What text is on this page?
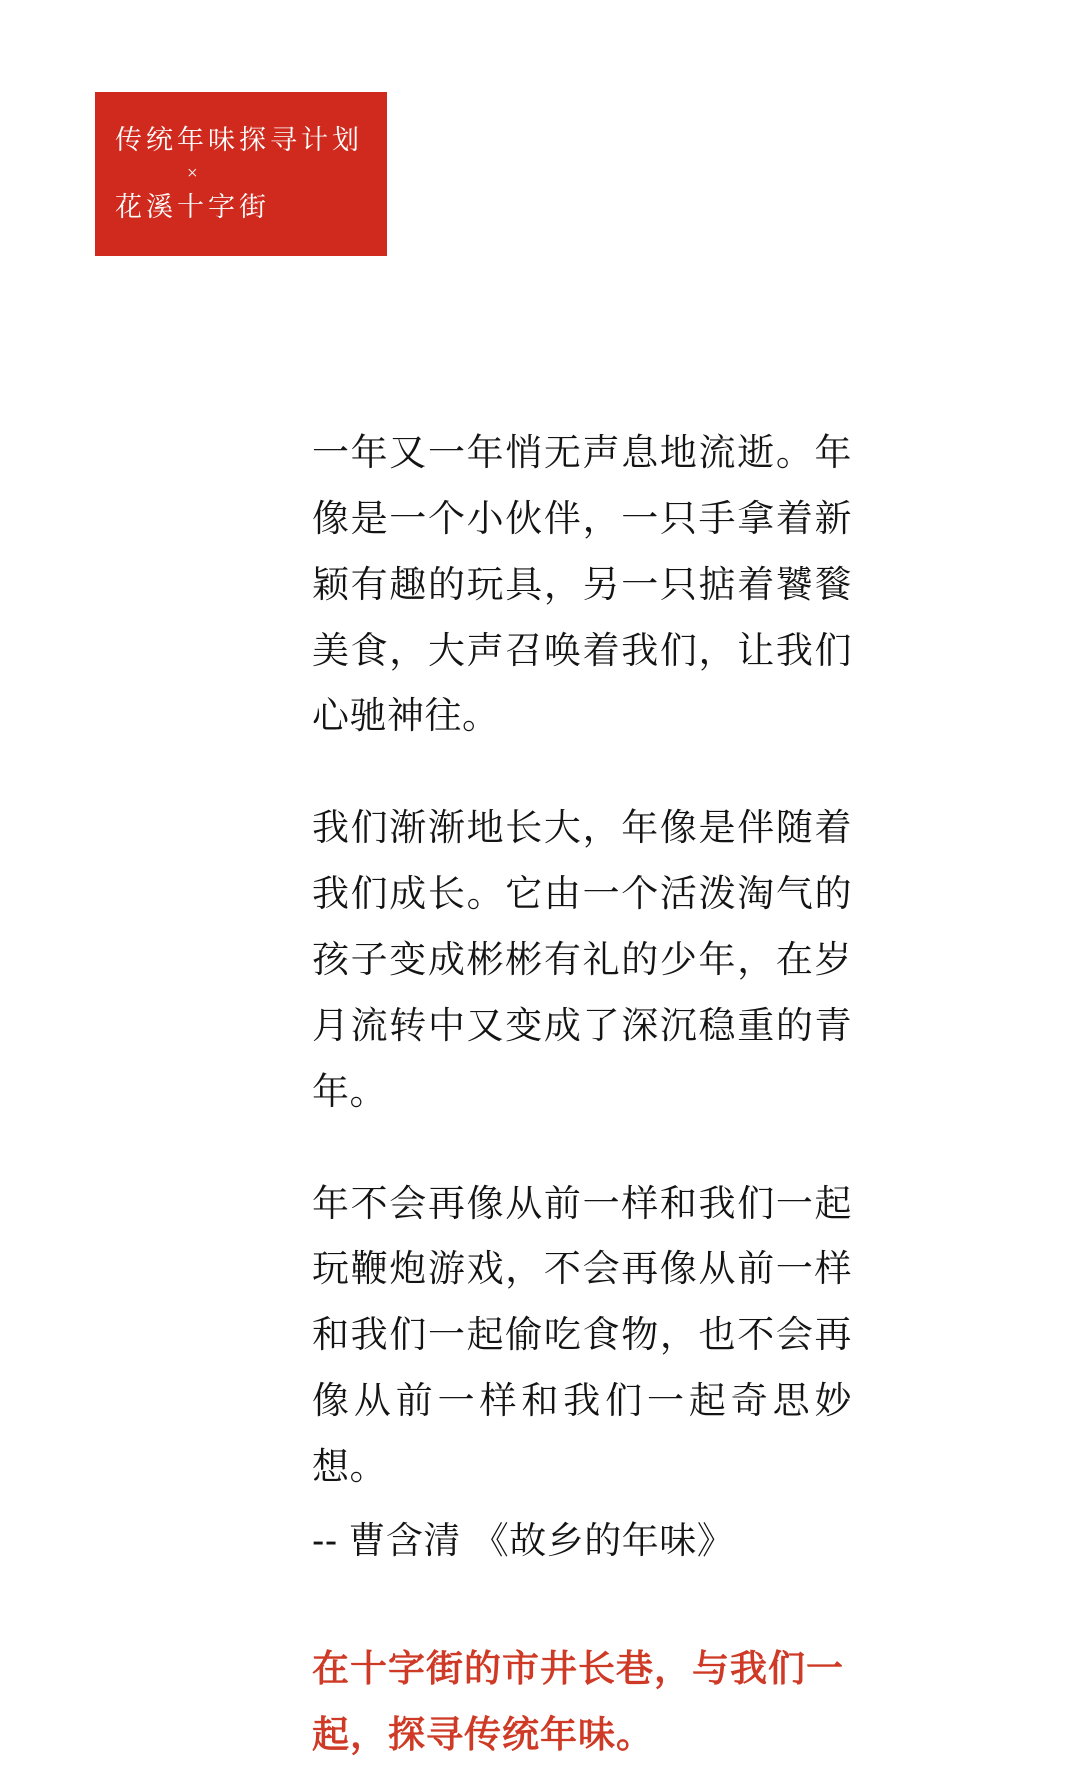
传统年味探寻计划
×
花溪十字街

一年又一年悄无声息地流逝。年像是一个小伙伴，一只手拿着新颖有趣的玩具，另一只掂着饕餮美食，大声召唤着我们，让我们心驰神往。

我们渐渐地长大，年像是伴随着我们成长。它由一个活泼淘气的孩子变成彬彬有礼的少年，在岁月流转中又变成了深沉稳重的青年。

年不会再像从前一样和我们一起玩鞭炮游戏，不会再像从前一样和我们一起偷吃食物，也不会再像从前一样和我们一起奇思妙想。

-- 曹含清 《故乡的年味》

在十字街的市井长巷，与我们一起，探寻传统年味。
